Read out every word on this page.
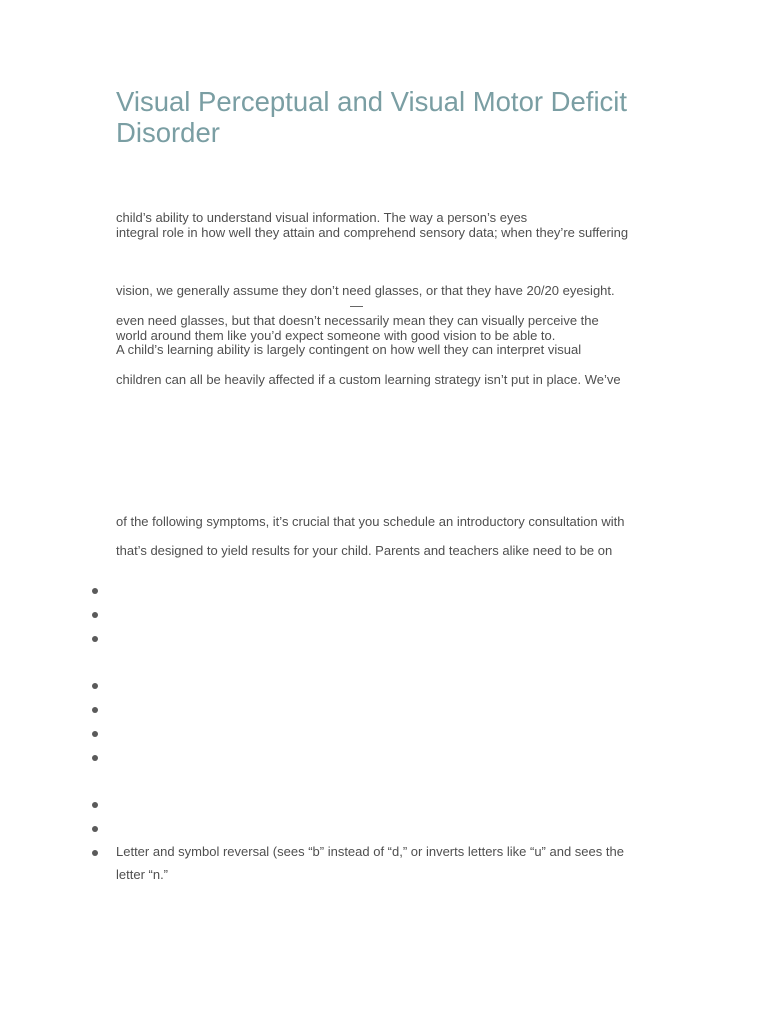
Visual Perceptual and Visual Motor Deficit Disorder
child’s ability to understand visual information. The way a person’s eyes
integral role in how well they attain and comprehend sensory data; when they’re suffering
vision, we generally assume they don’t need glasses, or that they have 20/20 eyesight.
—
even need glasses, but that doesn’t necessarily mean they can visually perceive the
world around them like you’d expect someone with good vision to be able to.
A child’s learning ability is largely contingent on how well they can interpret visual
children can all be heavily affected if a custom learning strategy isn’t put in place. We’ve
of the following symptoms, it’s crucial that you schedule an introductory consultation with
that’s designed to yield results for your child. Parents and teachers alike need to be on
Letter and symbol reversal (sees “b” instead of “d,” or inverts letters like “u” and sees the
letter “n.”
